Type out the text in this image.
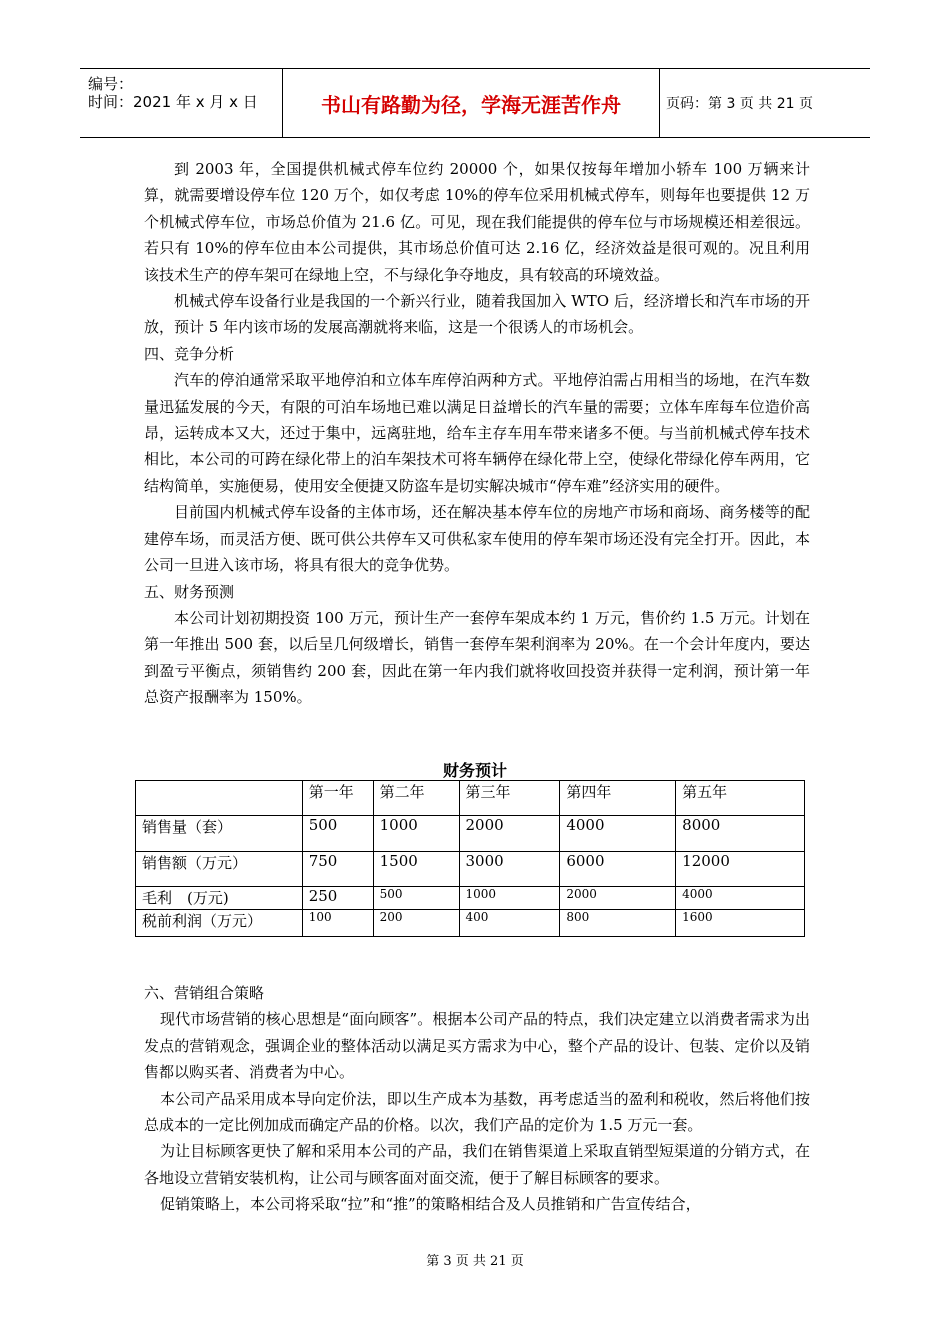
编号：
时间：2021 年 x 月 x 日	书山有路勤为径，学海无涯苦作舟	页码：第 3 页 共 21 页

到 2003 年，全国提供机械式停车位约 20000 个，如果仅按每年增加小轿车 100 万辆来计算，就需要增设停车位 120 万个，如仅考虑 10%的停车位采用机械式停车，则每年也要提供 12 万个机械式停车位，市场总价值为 21.6 亿。可见，现在我们能提供的停车位与市场规模还相差很远。若只有 10%的停车位由本公司提供，其市场总价值可达 2.16 亿，经济效益是很可观的。况且利用该技术生产的停车架可在绿地上空，不与绿化争夺地皮，具有较高的环境效益。

机械式停车设备行业是我国的一个新兴行业，随着我国加入 WTO 后，经济增长和汽车市场的开放，预计 5 年内该市场的发展高潮就将来临，这是一个很诱人的市场机会。

四、竞争分析

汽车的停泊通常采取平地停泊和立体车库停泊两种方式。平地停泊需占用相当的场地，在汽车数量迅猛发展的今天，有限的可泊车场地已难以满足日益增长的汽车量的需要；立体车库每车位造价高昂，运转成本又大，还过于集中，远离驻地，给车主存车用车带来诸多不便。与当前机械式停车技术相比，本公司的可跨在绿化带上的泊车架技术可将车辆停在绿化带上空，使绿化带绿化停车两用，它结构简单，实施便易，使用安全便捷又防盗车是切实解决城市“停车难”经济实用的硬件。

目前国内机械式停车设备的主体市场，还在解决基本停车位的房地产市场和商场、商务楼等的配建停车场，而灵活方便、既可供公共停车又可供私家车使用的停车架市场还没有完全打开。因此，本公司一旦进入该市场，将具有很大的竞争优势。

五、财务预测

本公司计划初期投资 100 万元，预计生产一套停车架成本约 1 万元，售价约 1.5 万元。计划在第一年推出 500 套，以后呈几何级增长，销售一套停车架利润率为 20%。在一个会计年度内，要达到盈亏平衡点，须销售约 200 套，因此在第一年内我们就将收回投资并获得一定利润，预计第一年总资产报酬率为 150%。

财务预计
	第一年	第二年	第三年	第四年	第五年
销售量（套）	500	1000	2000	4000	8000
销售额（万元）	750	1500	3000	6000	12000
毛利　(万元)	250	500	1000	2000	4000
税前利润（万元）	100	200	400	800	1600

六、营销组合策略

现代市场营销的核心思想是“面向顾客”。根据本公司产品的特点，我们决定建立以消费者需求为出发点的营销观念，强调企业的整体活动以满足买方需求为中心，整个产品的设计、包装、定价以及销售都以购买者、消费者为中心。

本公司产品采用成本导向定价法，即以生产成本为基数，再考虑适当的盈利和税收，然后将他们按总成本的一定比例加成而确定产品的价格。以次，我们产品的定价为 1.5 万元一套。

为让目标顾客更快了解和采用本公司的产品，我们在销售渠道上采取直销型短渠道的分销方式，在各地设立营销安装机构，让公司与顾客面对面交流，便于了解目标顾客的要求。

促销策略上，本公司将采取“拉”和“推”的策略相结合及人员推销和广告宣传结合，

第 3 页 共 21 页
